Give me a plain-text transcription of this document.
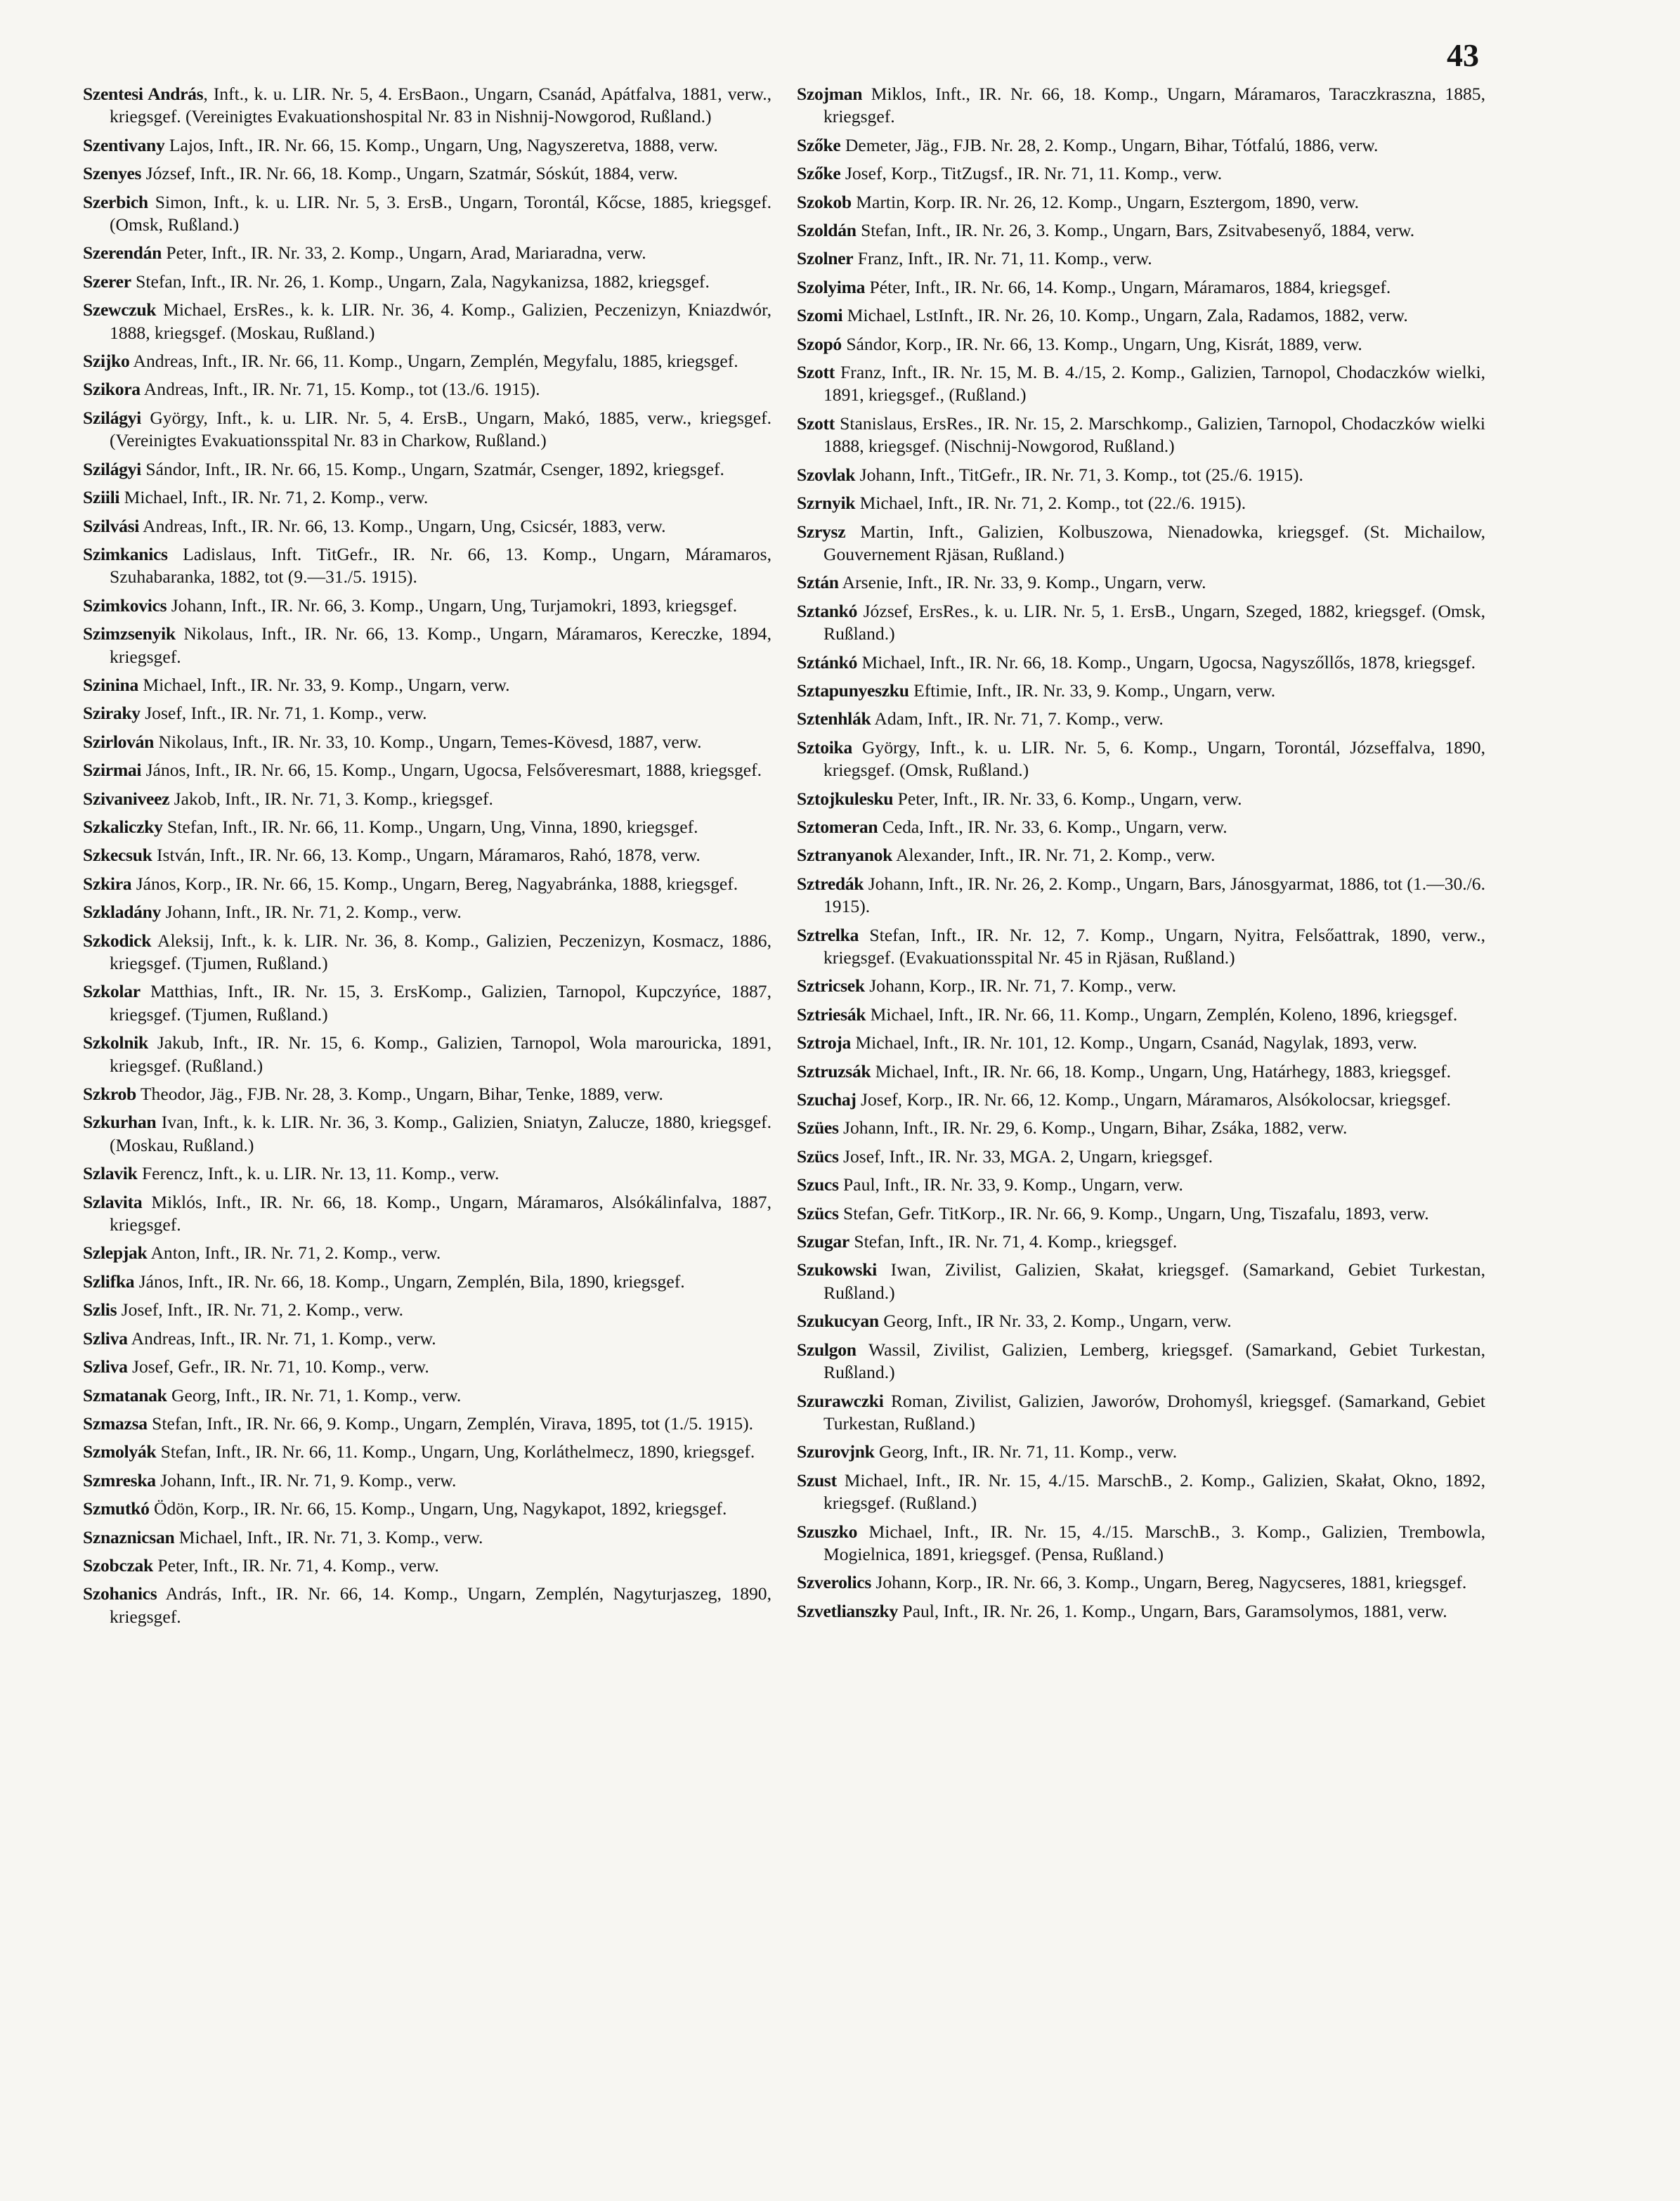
43

Szentesi András, Inft., k. u. LIR. Nr. 5, 4. ErsBaon., Ungarn, Csanád, Apátfalva, 1881, verw., kriegsgef. (Vereinigtes Evakuationshospital Nr. 83 in Nishnij-Nowgorod, Rußland.)

Szentivany Lajos, Inft., IR. Nr. 66, 15. Komp., Ungarn, Ung, Nagyszeretva, 1888, verw.

Szenyes József, Inft., IR. Nr. 66, 18. Komp., Ungarn, Szatmár, Sóskút, 1884, verw.

Szerbich Simon, Inft., k. u. LIR. Nr. 5, 3. ErsB., Ungarn, Torontál, Kőcse, 1885, kriegsgef. (Omsk, Rußland.)

Szerendán Peter, Inft., IR. Nr. 33, 2. Komp., Ungarn, Arad, Mariaradna, verw.

Szerer Stefan, Inft., IR. Nr. 26, 1. Komp., Ungarn, Zala, Nagykanizsa, 1882, kriegsgef.

Szewczuk Michael, ErsRes., k. k. LIR. Nr. 36, 4. Komp., Galizien, Peczenizyn, Kniazdwór, 1888, kriegsgef. (Moskau, Rußland.)

Szijko Andreas, Inft., IR. Nr. 66, 11. Komp., Ungarn, Zemplén, Megyfalu, 1885, kriegsgef.

Szikora Andreas, Inft., IR. Nr. 71, 15. Komp., tot (13./6. 1915).

Szilágyi György, Inft., k. u. LIR. Nr. 5, 4. ErsB., Ungarn, Makó, 1885, verw., kriegsgef. (Vereinigtes Evakuationsspital Nr. 83 in Charkow, Rußland.)

Szilágyi Sándor, Inft., IR. Nr. 66, 15. Komp., Ungarn, Szatmár, Csenger, 1892, kriegsgef.

Sziili Michael, Inft., IR. Nr. 71, 2. Komp., verw.

Szilvási Andreas, Inft., IR. Nr. 66, 13. Komp., Ungarn, Ung, Csicsér, 1883, verw.

Szimkanics Ladislaus, Inft. TitGefr., IR. Nr. 66, 13. Komp., Ungarn, Máramaros, Szuhabaranka, 1882, tot (9.—31./5. 1915).

Szimkovics Johann, Inft., IR. Nr. 66, 3. Komp., Ungarn, Ung, Turjamokri, 1893, kriegsgef.

Szimzsenyik Nikolaus, Inft., IR. Nr. 66, 13. Komp., Ungarn, Máramaros, Kereczke, 1894, kriegsgef.

Szinina Michael, Inft., IR. Nr. 33, 9. Komp., Ungarn, verw.

Sziraky Josef, Inft., IR. Nr. 71, 1. Komp., verw.

Szirlován Nikolaus, Inft., IR. Nr. 33, 10. Komp., Ungarn, Temes-Kövesd, 1887, verw.

Szirmai János, Inft., IR. Nr. 66, 15. Komp., Ungarn, Ugocsa, Felsőveresmart, 1888, kriegsgef.

Szivaniveez Jakob, Inft., IR. Nr. 71, 3. Komp., kriegsgef.

Szkaliczky Stefan, Inft., IR. Nr. 66, 11. Komp., Ungarn, Ung, Vinna, 1890, kriegsgef.

Szkecsuk István, Inft., IR. Nr. 66, 13. Komp., Ungarn, Máramaros, Rahó, 1878, verw.

Szkira János, Korp., IR. Nr. 66, 15. Komp., Ungarn, Bereg, Nagyabránka, 1888, kriegsgef.

Szkladány Johann, Inft., IR. Nr. 71, 2. Komp., verw.

Szkodick Aleksij, Inft., k. k. LIR. Nr. 36, 8. Komp., Galizien, Peczenizyn, Kosmacz, 1886, kriegsgef. (Tjumen, Rußland.)

Szkolar Matthias, Inft., IR. Nr. 15, 3. ErsKomp., Galizien, Tarnopol, Kupczyńce, 1887, kriegsgef. (Tjumen, Rußland.)

Szkolnik Jakub, Inft., IR. Nr. 15, 6. Komp., Galizien, Tarnopol, Wola marouricka, 1891, kriegsgef. (Rußland.)

Szkrob Theodor, Jäg., FJB. Nr. 28, 3. Komp., Ungarn, Bihar, Tenke, 1889, verw.

Szkurhan Ivan, Inft., k. k. LIR. Nr. 36, 3. Komp., Galizien, Sniatyn, Zalucze, 1880, kriegsgef. (Moskau, Rußland.)

Szlavik Ferencz, Inft., k. u. LIR. Nr. 13, 11. Komp., verw.

Szlavita Miklós, Inft., IR. Nr. 66, 18. Komp., Ungarn, Máramaros, Alsókálinfalva, 1887, kriegsgef.

Szlepjak Anton, Inft., IR. Nr. 71, 2. Komp., verw.

Szlifka János, Inft., IR. Nr. 66, 18. Komp., Ungarn, Zemplén, Bila, 1890, kriegsgef.

Szlis Josef, Inft., IR. Nr. 71, 2. Komp., verw.

Szliva Andreas, Inft., IR. Nr. 71, 1. Komp., verw.

Szliva Josef, Gefr., IR. Nr. 71, 10. Komp., verw.

Szmatanak Georg, Inft., IR. Nr. 71, 1. Komp., verw.

Szmazsa Stefan, Inft., IR. Nr. 66, 9. Komp., Ungarn, Zemplén, Virava, 1895, tot (1./5. 1915).

Szmolyák Stefan, Inft., IR. Nr. 66, 11. Komp., Ungarn, Ung, Korláthelmecz, 1890, kriegsgef.

Szmreska Johann, Inft., IR. Nr. 71, 9. Komp., verw.

Szmutkó Ödön, Korp., IR. Nr. 66, 15. Komp., Ungarn, Ung, Nagykapot, 1892, kriegsgef.

Sznaznicsan Michael, Inft., IR. Nr. 71, 3. Komp., verw.

Szobczak Peter, Inft., IR. Nr. 71, 4. Komp., verw.

Szohanics András, Inft., IR. Nr. 66, 14. Komp., Ungarn, Zemplén, Nagyturjaszeg, 1890, kriegsgef.

Szojman Miklos, Inft., IR. Nr. 66, 18. Komp., Ungarn, Máramaros, Taraczkraszna, 1885, kriegsgef.

Szőke Demeter, Jäg., FJB. Nr. 28, 2. Komp., Ungarn, Bihar, Tótfalú, 1886, verw.

Szőke Josef, Korp., TitZugsf., IR. Nr. 71, 11. Komp., verw.

Szokob Martin, Korp. IR. Nr. 26, 12. Komp., Ungarn, Esztergom, 1890, verw.

Szoldán Stefan, Inft., IR. Nr. 26, 3. Komp., Ungarn, Bars, Zsitvabesenyő, 1884, verw.

Szolner Franz, Inft., IR. Nr. 71, 11. Komp., verw.

Szolyima Péter, Inft., IR. Nr. 66, 14. Komp., Ungarn, Máramaros, 1884, kriegsgef.

Szomi Michael, LstInft., IR. Nr. 26, 10. Komp., Ungarn, Zala, Radamos, 1882, verw.

Szopó Sándor, Korp., IR. Nr. 66, 13. Komp., Ungarn, Ung, Kisrát, 1889, verw.

Szott Franz, Inft., IR. Nr. 15, M. B. 4./15, 2. Komp., Galizien, Tarnopol, Chodaczków wielki, 1891, kriegsgef., (Rußland.)

Szott Stanislaus, ErsRes., IR. Nr. 15, 2. Marschkomp., Galizien, Tarnopol, Chodaczków wielki 1888, kriegsgef. (Nischnij-Nowgorod, Rußland.)

Szovlak Johann, Inft., TitGefr., IR. Nr. 71, 3. Komp., tot (25./6. 1915).

Szrnyik Michael, Inft., IR. Nr. 71, 2. Komp., tot (22./6. 1915).

Szrysz Martin, Inft., Galizien, Kolbuszowa, Nienadowka, kriegsgef. (St. Michailow, Gouvernement Rjäsan, Rußland.)

Sztán Arsenie, Inft., IR. Nr. 33, 9. Komp., Ungarn, verw.

Sztankó József, ErsRes., k. u. LIR. Nr. 5, 1. ErsB., Ungarn, Szeged, 1882, kriegsgef. (Omsk, Rußland.)

Sztánkó Michael, Inft., IR. Nr. 66, 18. Komp., Ungarn, Ugocsa, Nagyszőllős, 1878, kriegsgef.

Sztapunyeszku Eftimie, Inft., IR. Nr. 33, 9. Komp., Ungarn, verw.

Sztenhlák Adam, Inft., IR. Nr. 71, 7. Komp., verw.

Sztoika György, Inft., k. u. LIR. Nr. 5, 6. Komp., Ungarn, Torontál, Józseffalva, 1890, kriegsgef. (Omsk, Rußland.)

Sztojkulesku Peter, Inft., IR. Nr. 33, 6. Komp., Ungarn, verw.

Sztomeran Ceda, Inft., IR. Nr. 33, 6. Komp., Ungarn, verw.

Sztranyanok Alexander, Inft., IR. Nr. 71, 2. Komp., verw.

Sztredák Johann, Inft., IR. Nr. 26, 2. Komp., Ungarn, Bars, Jánosgyarmat, 1886, tot (1.—30./6. 1915).

Sztrelka Stefan, Inft., IR. Nr. 12, 7. Komp., Ungarn, Nyitra, Felsőattrak, 1890, verw., kriegsgef. (Evakuationsspital Nr. 45 in Rjäsan, Rußland.)

Sztricsek Johann, Korp., IR. Nr. 71, 7. Komp., verw.

Sztriesák Michael, Inft., IR. Nr. 66, 11. Komp., Ungarn, Zemplén, Koleno, 1896, kriegsgef.

Sztroja Michael, Inft., IR. Nr. 101, 12. Komp., Ungarn, Csanád, Nagylak, 1893, verw.

Sztruzsák Michael, Inft., IR. Nr. 66, 18. Komp., Ungarn, Ung, Határhegy, 1883, kriegsgef.

Szuchaj Josef, Korp., IR. Nr. 66, 12. Komp., Ungarn, Máramaros, Alsókolocsar, kriegsgef.

Szües Johann, Inft., IR. Nr. 29, 6. Komp., Ungarn, Bihar, Zsáka, 1882, verw.

Szücs Josef, Inft., IR. Nr. 33, MGA. 2, Ungarn, kriegsgef.

Szucs Paul, Inft., IR. Nr. 33, 9. Komp., Ungarn, verw.

Szücs Stefan, Gefr. TitKorp., IR. Nr. 66, 9. Komp., Ungarn, Ung, Tiszafalu, 1893, verw.

Szugar Stefan, Inft., IR. Nr. 71, 4. Komp., kriegsgef.

Szukowski Iwan, Zivilist, Galizien, Skałat, kriegsgef. (Samarkand, Gebiet Turkestan, Rußland.)

Szukucyan Georg, Inft., IR Nr. 33, 2. Komp., Ungarn, verw.

Szulgon Wassil, Zivilist, Galizien, Lemberg, kriegsgef. (Samarkand, Gebiet Turkestan, Rußland.)

Szurawczki Roman, Zivilist, Galizien, Jaworów, Drohomyśl, kriegsgef. (Samarkand, Gebiet Turkestan, Rußland.)

Szurovjnk Georg, Inft., IR. Nr. 71, 11. Komp., verw.

Szust Michael, Inft., IR. Nr. 15, 4./15. MarschB., 2. Komp., Galizien, Skałat, Okno, 1892, kriegsgef. (Rußland.)

Szuszko Michael, Inft., IR. Nr. 15, 4./15. MarschB., 3. Komp., Galizien, Trembowla, Mogielnica, 1891, kriegsgef. (Pensa, Rußland.)

Szverolics Johann, Korp., IR. Nr. 66, 3. Komp., Ungarn, Bereg, Nagycseres, 1881, kriegsgef.

Szvetlianszky Paul, Inft., IR. Nr. 26, 1. Komp., Ungarn, Bars, Garamsolymos, 1881, verw.
